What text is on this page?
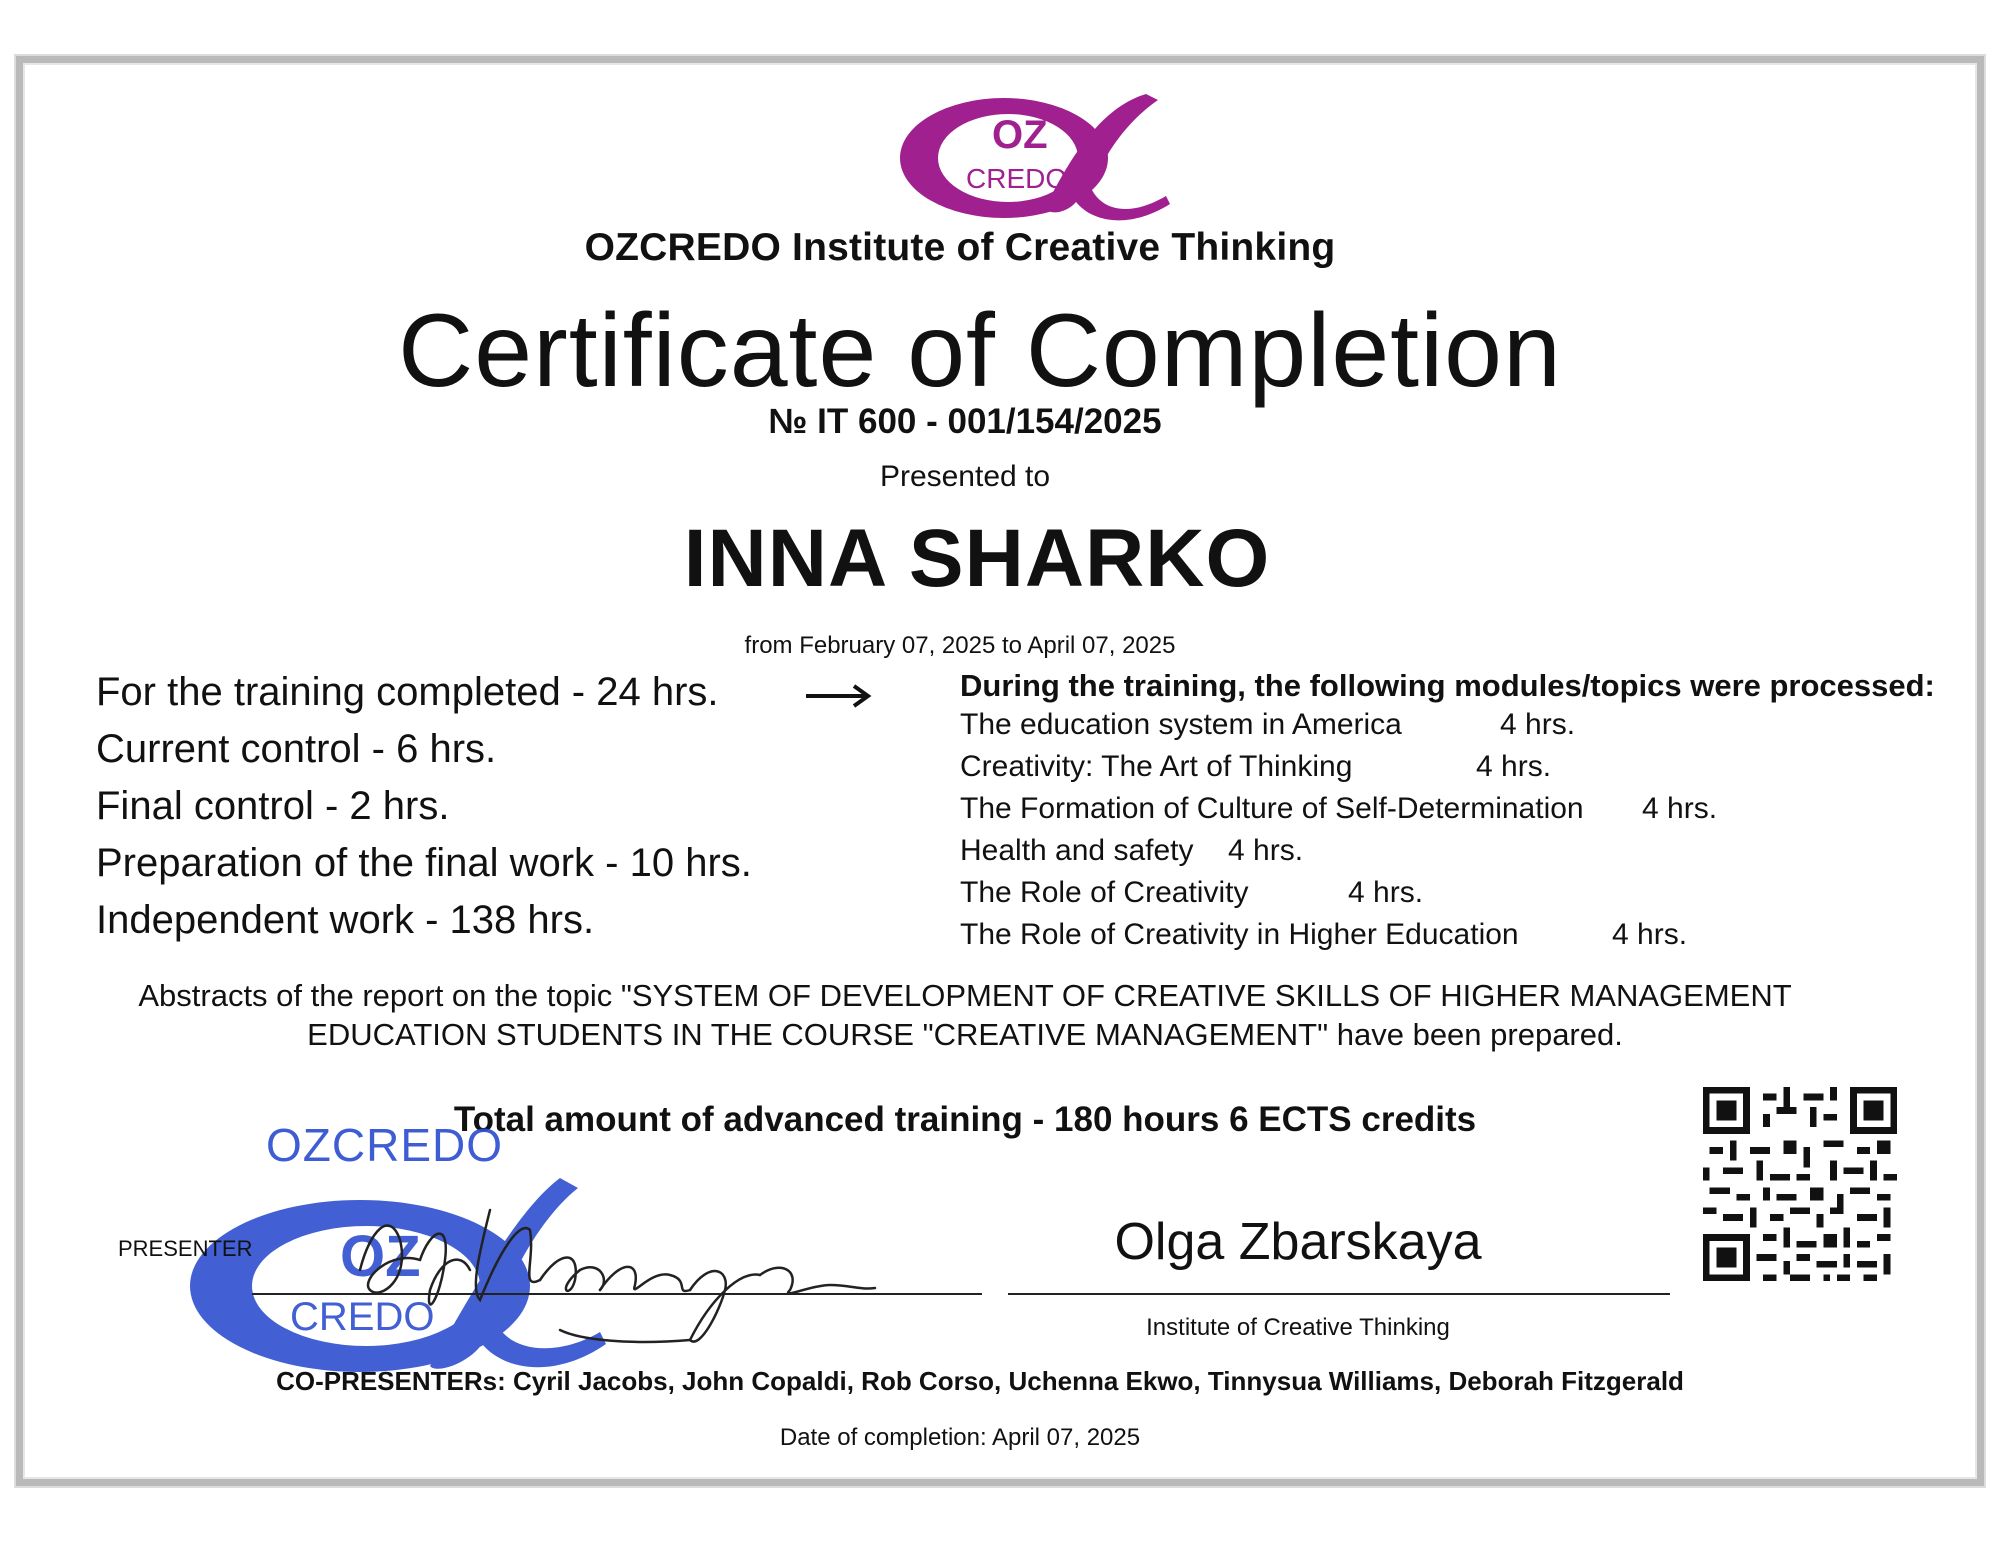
OZ
CREDO
OZCREDO Institute of Creative Thinking
Certificate of Completion
№ IT 600 - 001/154/2025
Presented to
INNA SHARKO
from February 07, 2025 to April 07, 2025
For the training completed - 24 hrs.
Current control - 6 hrs.
Final control - 2 hrs.
Preparation of the final work - 10 hrs.
Independent work - 138 hrs.
During the training, the following modules/topics were processed:
The education system in America	4 hrs.
Creativity: The Art of Thinking	4 hrs.
The Formation of Culture of Self-Determination 4 hrs.
Health and safety 4 hrs.
The Role of Creativity	4 hrs.
The Role of Creativity in Higher Education	4 hrs.
Abstracts of the report on the topic "SYSTEM OF DEVELOPMENT OF CREATIVE SKILLS OF HIGHER MANAGEMENT
EDUCATION STUDENTS IN THE COURSE "CREATIVE MANAGEMENT" have been prepared.
Total amount of advanced training - 180 hours 6 ECTS credits
OZ
CREDO
OZCREDO
PRESENTER	Olga Zbarskaya
Institute of Creative Thinking
CO-PRESENTERs: Cyril Jacobs, John Copaldi, Rob Corso, Uchenna Ekwo, Tinnysua Williams, Deborah Fitzgerald
Date of completion: April 07, 2025
